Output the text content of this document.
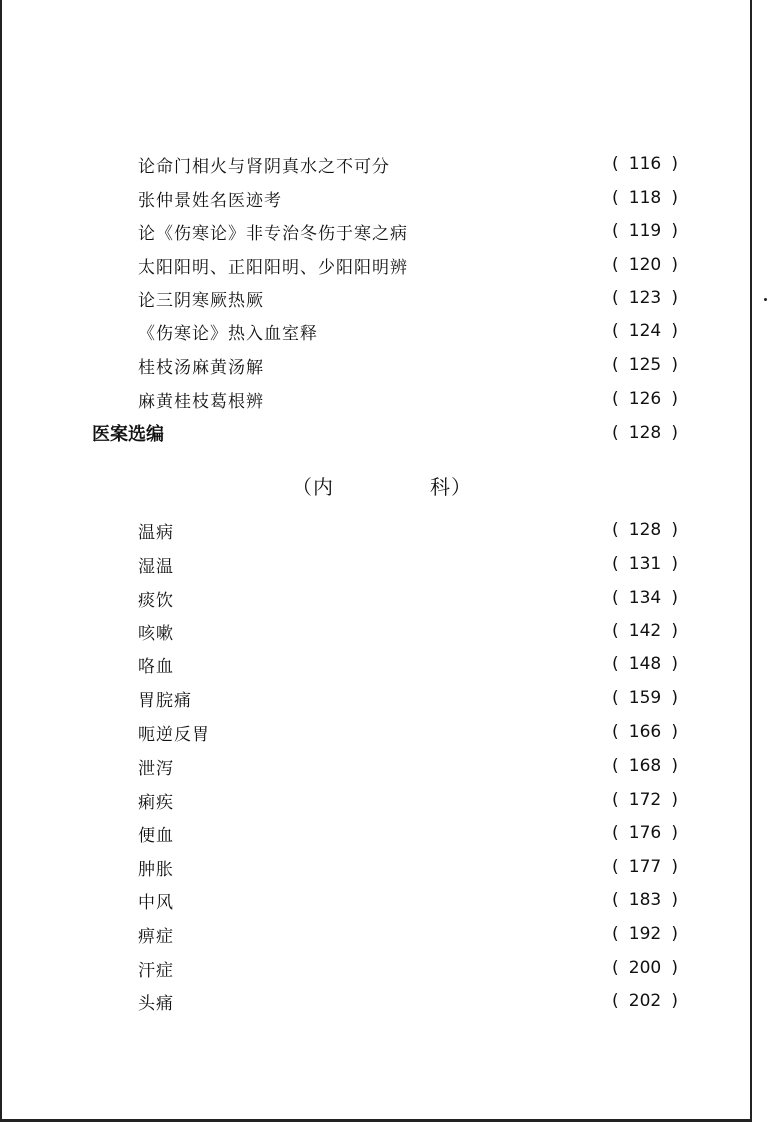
论命门相火与肾阴真水之不可分	( 116 )
张仲景姓名医迹考	( 118 )
论《伤寒论》非专治冬伤于寒之病	( 119 )
太阳阳明、正阳阳明、少阳阳明辨	( 120 )
论三阴寒厥热厥	( 123 )
《伤寒论》热入血室释	( 124 )
桂枝汤麻黄汤解	( 125 )
麻黄桂枝葛根辨	( 126 )
医案选编	( 128 )
（内	科）
温病	( 128 )
湿温	( 131 )
痰饮	( 134 )
咳嗽	( 142 )
咯血	( 148 )
胃脘痛	( 159 )
呃逆反胃	( 166 )
泄泻	( 168 )
痢疾	( 172 )
便血	( 176 )
肿胀	( 177 )
中风	( 183 )
痹症	( 192 )
汗症	( 200 )
头痛	( 202 )
